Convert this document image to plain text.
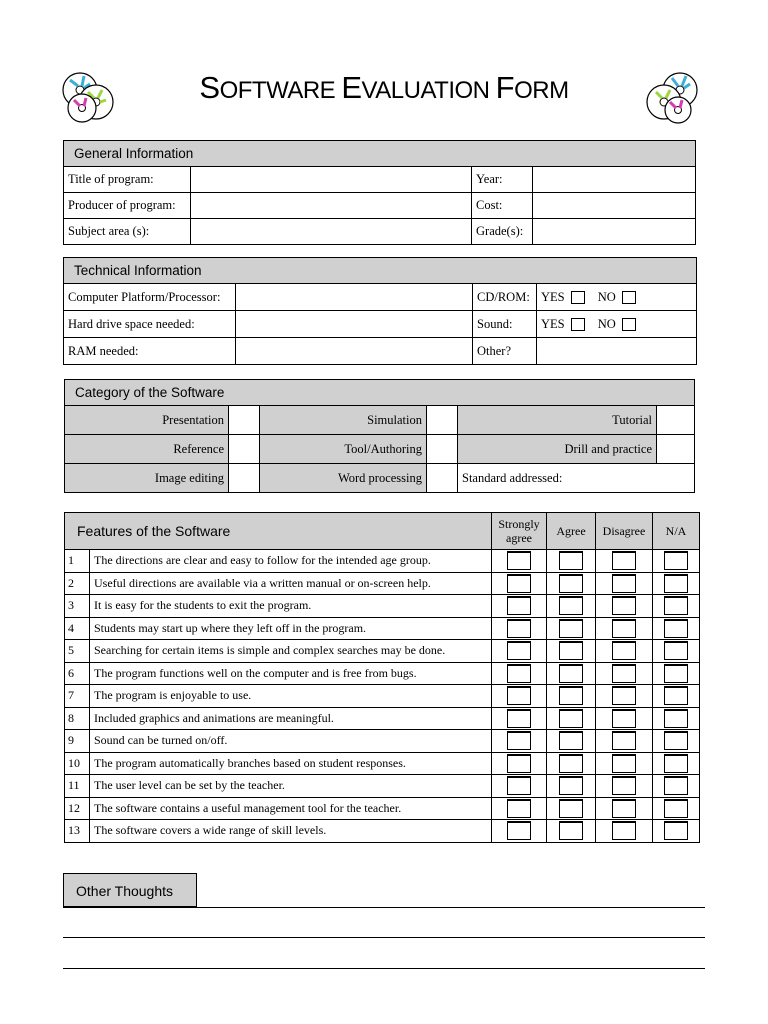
SOFTWARE EVALUATION FORM
General Information			
Title of program:		Year:	
Producer of program:		Cost:	
Subject area (s):		Grade(s):	
Technical Information			
Computer Platform/Processor:		CD/ROM:	YES NO
Hard drive space needed:		Sound:	YES NO
RAM needed:		Other?	
Category of the Software					
Presentation		Simulation		Tutorial	
Reference		Tool/Authoring		Drill and practice	
Image editing		Word processing		Standard addressed:	
Features of the Software		Strongly agree	Agree	Disagree	N/A
1	The directions are clear and easy to follow for the intended age group.	

2	Useful directions are available via a written manual or on-screen help.	

3	It is easy for the students to exit the program.	

4	Students may start up where they left off in the program.	

5	Searching for certain items is simple and complex searches may be done.	

6	The program functions well on the computer and is free from bugs.	

7	The program is enjoyable to use.	

8	Included graphics and animations are meaningful.	

9	Sound can be turned on/off.	

10	The program automatically branches based on student responses.	

11	The user level can be set by the teacher.	

12	The software contains a useful management tool for the teacher.	

13	The software covers a wide range of skill levels.	

Other Thoughts
